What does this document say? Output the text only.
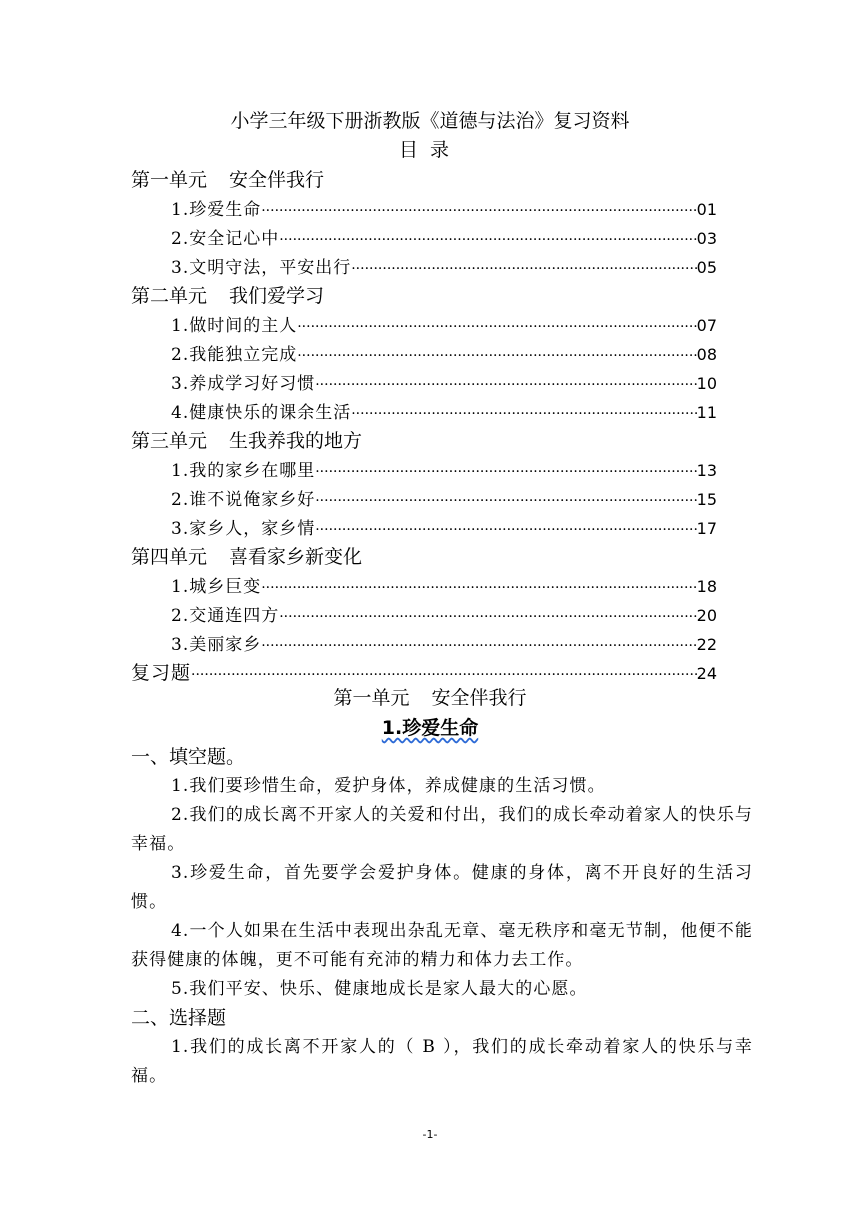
小学三年级下册浙教版《道德与法治》复习资料
目录
第一单元 安全伴我行
1.珍爱生命 ·····	01
2.安全记心中 ·····	03
3.文明守法，平安出行 ·····	05
第二单元 我们爱学习
1.做时间的主人 ·····	07
2.我能独立完成 ·····	08
3.养成学习好习惯 ·····	10
4.健康快乐的课余生活 ·····	11
第三单元 生我养我的地方
1.我的家乡在哪里 ·····	13
2.谁不说俺家乡好 ·····	15
3.家乡人，家乡情 ·····	17
第四单元 喜看家乡新变化
1.城乡巨变 ·····	18
2.交通连四方 ·····	20
3.美丽家乡 ·····	22
复习题 ·····	24
第一单元 安全伴我行
1.珍爱生命
一、填空题。

1.我们要珍惜生命，爱护身体，养成健康的生活习惯。

2.我们的成长离不开家人的关爱和付出，我们的成长牵动着家人的快乐与幸福。

3.珍爱生命，首先要学会爱护身体。健康的身体，离不开良好的生活习惯。

4.一个人如果在生活中表现出杂乱无章、毫无秩序和毫无节制，他便不能获得健康的体魄，更不可能有充沛的精力和体力去工作。

5.我们平安、快乐、健康地成长是家人最大的心愿。

二、选择题

1.我们的成长离不开家人的（ B ），我们的成长牵动着家人的快乐与幸福。

-1-
